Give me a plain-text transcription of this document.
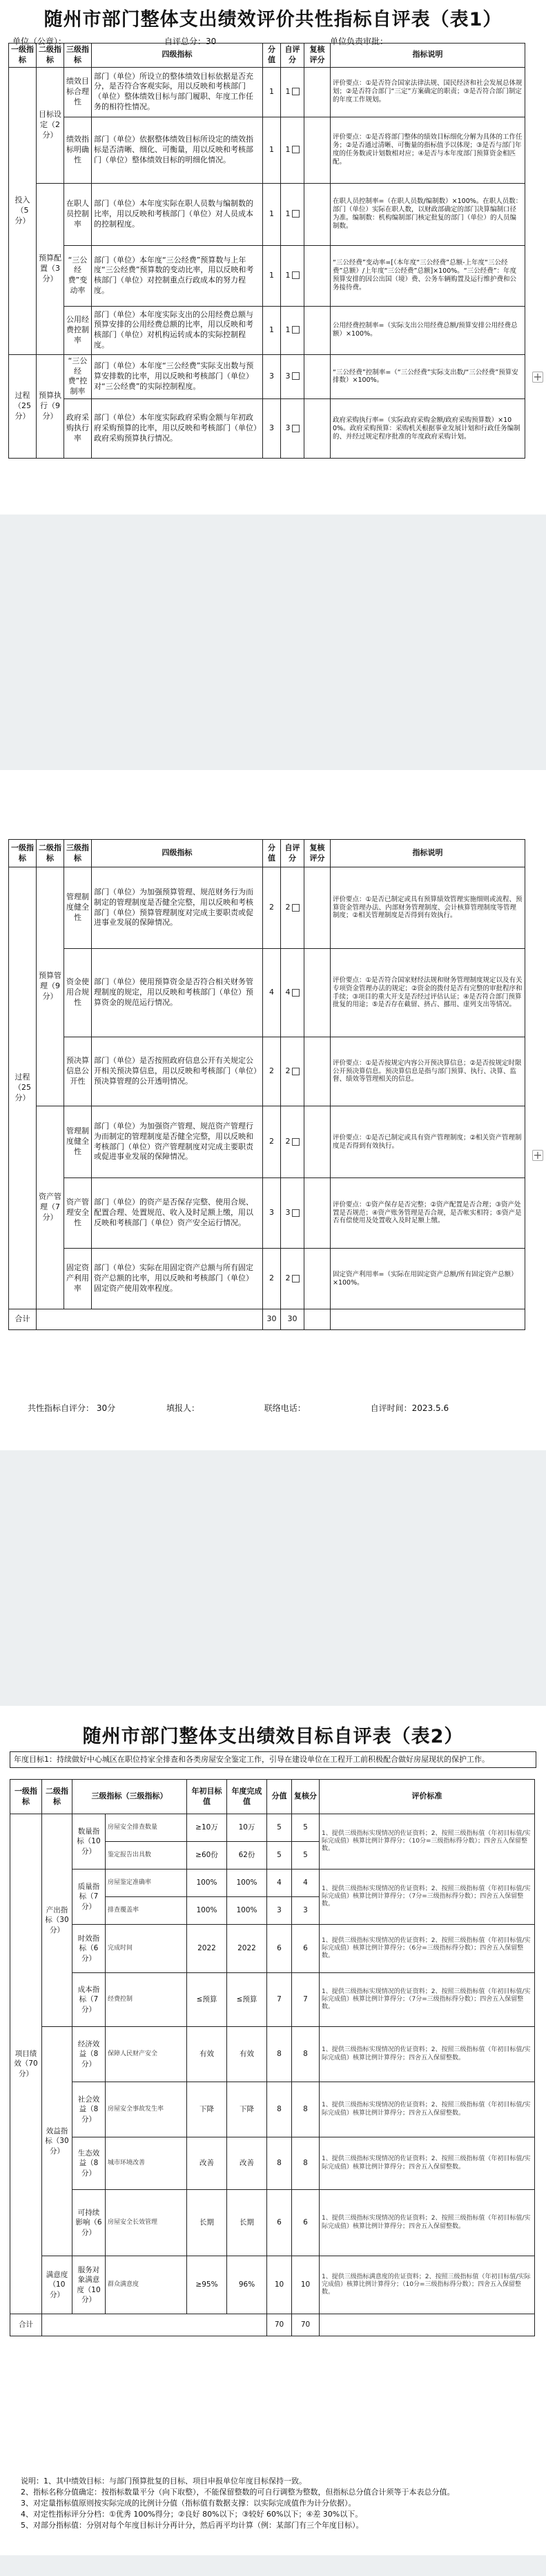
随州市部门整体支出绩效评价共性指标自评表（表1）
单位（公章）：	自评总分：30	单位负责审批：
一级指标	二级指标	三级指标	四级指标	分值	自评分	复核评分	指标说明
投入（5分）	目标设定（2分）	绩效目标合理性	部门（单位）所设立的整体绩效目标依据是否充分，是否符合客观实际，用以反映和考核部门（单位）整体绩效目标与部门履职、年度工作任务的相符性情况。	1	1		评价要点：①是否符合国家法律法规、国民经济和社会发展总体规划；②是否符合部门“三定”方案确定的职责；③是否符合部门制定的年度工作规划。
		绩效指标明确性	部门（单位）依据整体绩效目标所设定的绩效指标是否清晰、细化、可衡量，用以反映和考核部门（单位）整体绩效目标的明细化情况。	1	1		评价要点：①是否将部门整体的绩效目标细化分解为具体的工作任务；②是否通过清晰、可衡量的指标值予以体现；③是否与部门年度的任务数或计划数相对应；④是否与本年度部门预算资金相匹配。
	预算配置（3分）	在职人员控制率	部门（单位）本年度实际在职人员数与编制数的比率，用以反映和考核部门（单位）对人员成本的控制程度。	1	1		在职人员控制率=（在职人员数/编制数）×100%。在职人员数：部门（单位）实际在职人数，以财政部确定的部门决算编制口径为准。编制数：机构编制部门核定批复的部门（单位）的人员编制数。
		“三公经费”变动率	部门（单位）本年度“三公经费”预算数与上年度“三公经费”预算数的变动比率，用以反映和考核部门（单位）对控制重点行政成本的努力程度。	1	1		“三公经费”变动率=[（本年度“三公经费”总额-上年度“三公经费”总额）/上年度“三公经费”总额]×100%。“三公经费”：年度预算安排的因公出国（境）费、公务车辆购置及运行维护费和公务接待费。
		公用经费控制率	部门（单位）本年度实际支出的公用经费总额与预算安排的公用经费总额的比率，用以反映和考核部门（单位）对机构运转成本的实际控制程度。	1	1		公用经费控制率=（实际支出公用经费总额/预算安排公用经费总额）×100%。
过程（25分）	预算执行（9分）	“三公经费”控制率	部门（单位）本年度“三公经费”实际支出数与预算安排数的比率，用以反映和考核部门（单位）对“三公经费”的实际控制程度。	3	3		“三公经费”控制率=（“三公经费”实际支出数/“三公经费”预算安排数）×100%。
		政府采购执行率	部门（单位）本年度实际政府采购金额与年初政府采购预算的比率，用以反映和考核部门（单位）政府采购预算执行情况。	3	3		政府采购执行率=（实际政府采购金额/政府采购预算数）×100%。政府采购预算：采购机关根据事业发展计划和行政任务编制的、并经过规定程序批准的年度政府采购计划。
+
一级指标	二级指标	三级指标	四级指标	分值	自评分	复核评分	指标说明
过程（25分）	预算管理（9分）	管理制度健全性	部门（单位）为加强预算管理、规范财务行为而制定的管理制度是否健全完整，用以反映和考核部门（单位）预算管理制度对完成主要职责或促进事业发展的保障情况。	2	2		评价要点：①是否已制定或具有预算绩效管理实施细则或流程、预算资金管理办法、内部财务管理制度、会计核算管理制度等管理制度；②相关管理制度是否得到有效执行。
		资金使用合规性	部门（单位）使用预算资金是否符合相关财务管理制度的规定，用以反映和考核部门（单位）预算资金的规范运行情况。	4	4		评价要点：①是否符合国家财经法规和财务管理制度规定以及有关专项资金管理办法的规定；②资金的拨付是否有完整的审批程序和手续；③项目的重大开支是否经过评估认证；④是否符合部门预算批复的用途；⑤是否存在截留、挤占、挪用、虚列支出等情况。
		预决算信息公开性	部门（单位）是否按照政府信息公开有关规定公开相关预决算信息，用以反映和考核部门（单位）预决算管理的公开透明情况。	2	2		评价要点：①是否按规定内容公开预决算信息；②是否按规定时限公开预决算信息。预决算信息是指与部门预算、执行、决算、监督、绩效等管理相关的信息。
	资产管理（7分）	管理制度健全性	部门（单位）为加强资产管理、规范资产管理行为而制定的管理制度是否健全完整，用以反映和考核部门（单位）资产管理制度对完成主要职责或促进事业发展的保障情况。	2	2		评价要点：①是否已制定或具有资产管理制度；②相关资产管理制度是否得到有效执行。
		资产管理安全性	部门（单位）的资产是否保存完整、使用合规、配置合理、处置规范、收入及时足额上缴，用以反映和考核部门（单位）资产安全运行情况。	3	3		评价要点：①资产保存是否完整；②资产配置是否合理；③资产处置是否规范；④资产账务管理是否合规，是否帐实相符；⑤资产是否有偿使用及处置收入及时足额上缴。
		固定资产利用率	部门（单位）实际在用固定资产总额与所有固定资产总额的比率，用以反映和考核部门（单位）固定资产使用效率程度。	2	2		固定资产利用率=（实际在用固定资产总额/所有固定资产总额）×100%。
合计				30	30		
共性指标自评分： 30分	填报人：	联络电话：	自评时间：2023.5.6
+
随州市部门整体支出绩效目标自评表（表2）
年度目标1：持续做好中心城区在职位持家全排查和各类房屋安全鉴定工作，引导在建设单位在工程开工前积极配合做好房屋现状的保护工作。
一级指标	二级指标	三级指标（三级指标）		年初目标值	年度完成值	分值	复核分	评价标准
项目绩效（70分）	产出指标（30分）	数量指标（10分）	房屋安全排查数量	≥10万	10万	5	5	1、提供三级指标实现情况的佐证资料；2、按照三级指标值（年初目标值/实际完成值）核算比例计算得分；（10分=三级指标得分数）；四舍五入保留整数。
			鉴定报告出具数	≥60份	62份	5	5	
		质量指标（7分）	房屋鉴定准确率	100%	100%	4	4	1、提供三级指标实现情况的佐证资料；2、按照三级指标值（年初目标值/实际完成值）核算比例计算得分；（7分=三级指标得分数）；四舍五入保留整数。
			排查覆盖率	100%	100%	3	3	
		时效指标（6分）	完成时间	2022	2022	6	6	1、提供三级指标实现情况的佐证资料；2、按照三级指标值（年初目标值/实际完成值）核算比例计算得分；（6分=三级指标得分数）；四舍五入保留整数。
		成本指标（7分）	经费控制	≤预算	≤预算	7	7	1、提供三级指标实现情况的佐证资料；2、按照三级指标值（年初目标值/实际完成值）核算比例计算得分；（7分=三级指标得分数）；四舍五入保留整数。
	效益指标（30分）	经济效益（8分）	保障人民财产安全	有效	有效	8	8	1、提供三级指标实现情况的佐证资料；2、按照三级指标值（年初目标值/实际完成值）核算比例计算得分；四舍五入保留整数。
		社会效益（8分）	房屋安全事故发生率	下降	下降	8	8	1、提供三级指标实现情况的佐证资料；2、按照三级指标值（年初目标值/实际完成值）核算比例计算得分；四舍五入保留整数。
		生态效益（8分）	城市环境改善	改善	改善	8	8	1、提供三级指标实现情况的佐证资料；2、按照三级指标值（年初目标值/实际完成值）核算比例计算得分；四舍五入保留整数。
		可持续影响（6分）	房屋安全长效管理	长期	长期	6	6	1、提供三级指标实现情况的佐证资料；2、按照三级指标值（年初目标值/实际完成值）核算比例计算得分；四舍五入保留整数。
	满意度（10分）	服务对象满意度（10分）	群众满意度	≥95%	96%	10	10	1、提供三级指标满意度的佐证资料；2、按照三级指标值（年初目标值/实际完成值）核算比例计算得分；（10分=三级指标得分数）；四舍五入保留整数。
合计						70	70	
说明：1、其中绩效目标：与部门预算批复的目标、项目申报单位年度目标保持一致。
2、指标名称分值确定：按指标数量平分（向下取整），不能保留整数的可自行调整为整数，但指标总分值合计须等于本表总分值。
3、对定量指标值原则按实际完成的比例计分值（指标值有数据支撑：以实际完成值作为计分依据）。
4、对定性指标评分分档：①优秀 100%得分；②良好 80%以下；③较好 60%以下；④差 30%以下。
5、对部分指标值：分别对每个年度目标计分再计分，然后再平均计算（例：某部门有三个年度目标）。
